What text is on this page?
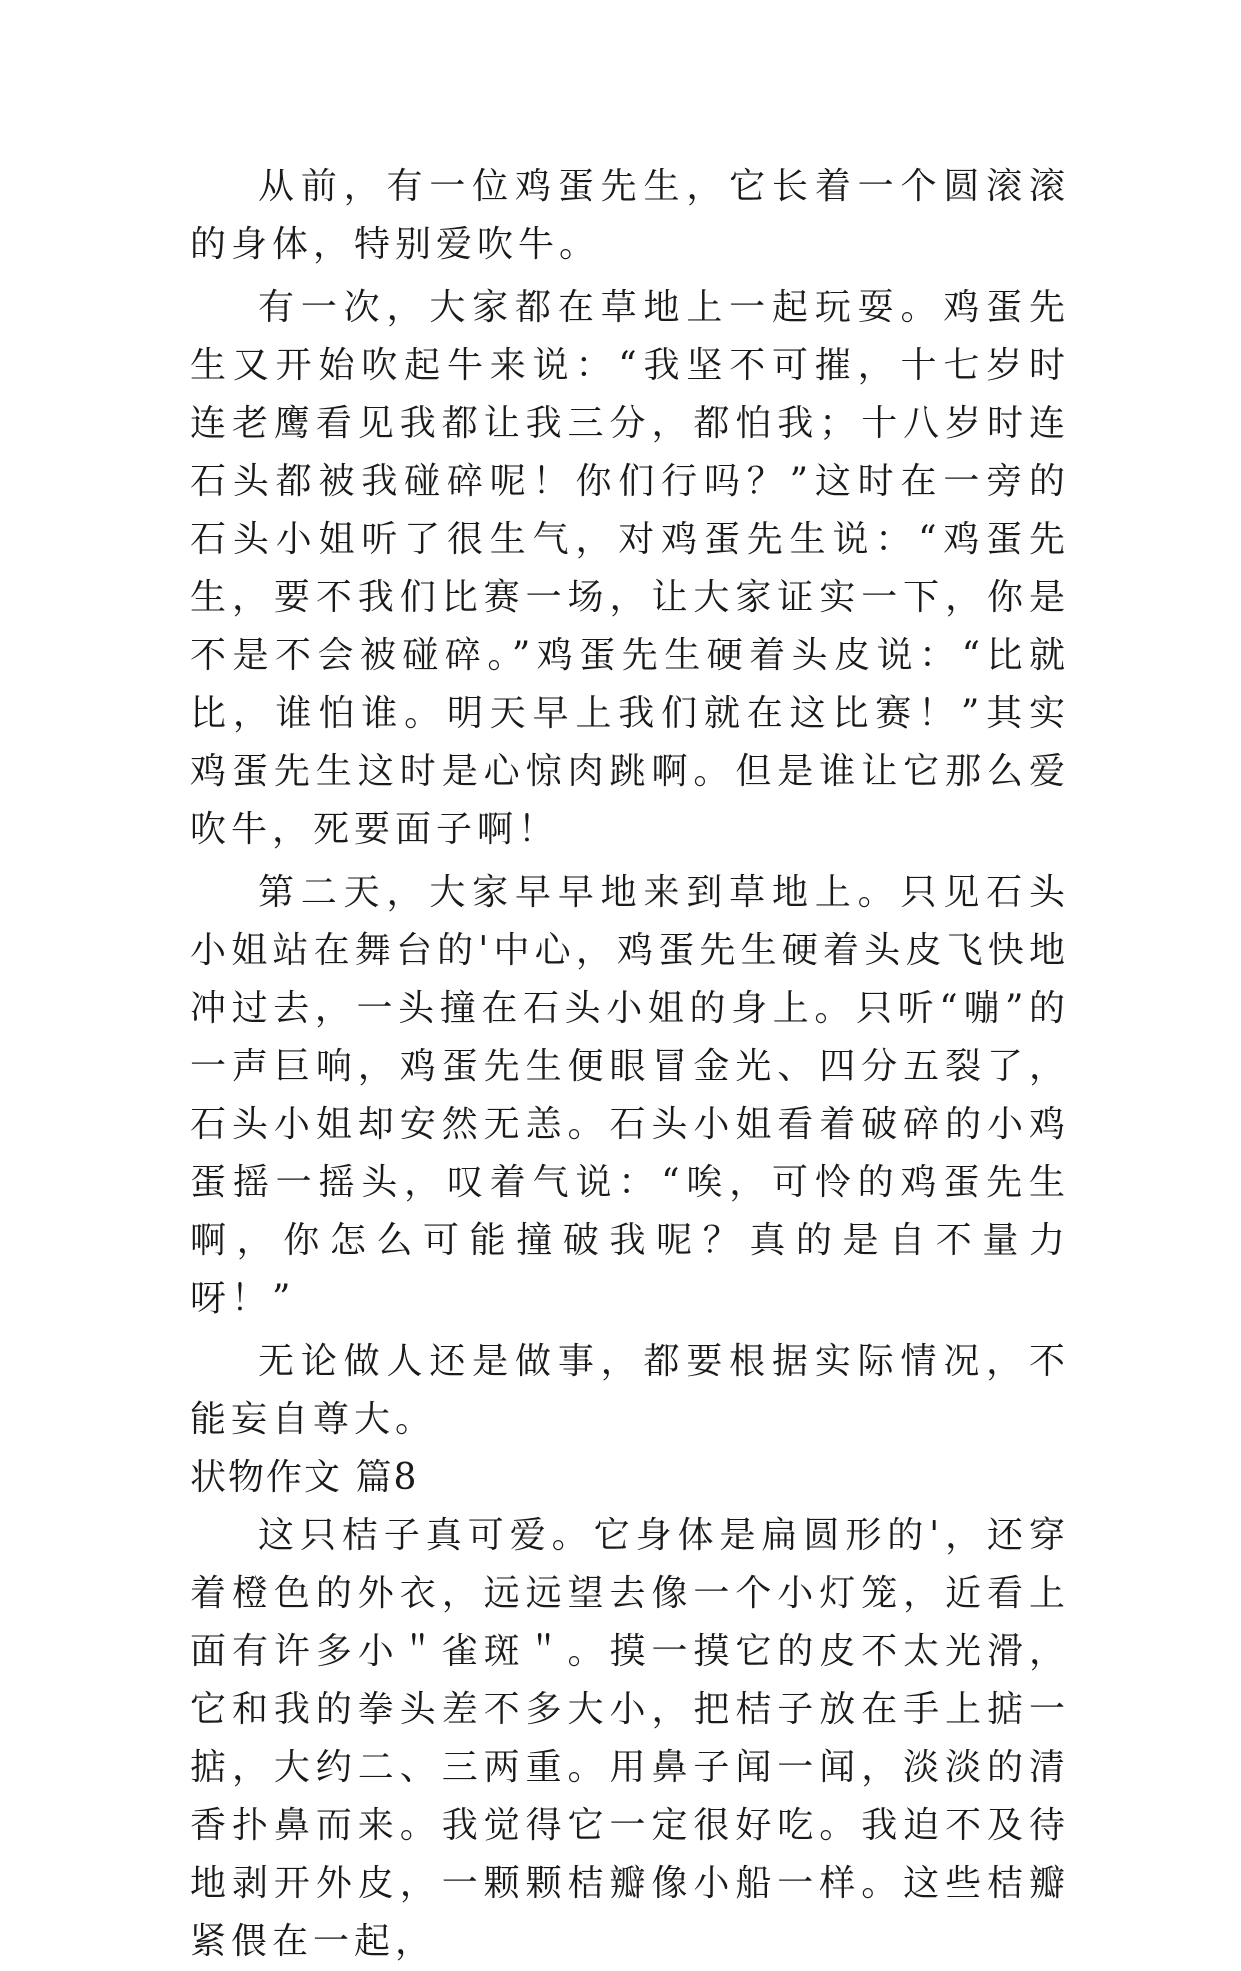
从前，有一位鸡蛋先生，它长着一个圆滚滚的身体，特别爱吹牛。

有一次，大家都在草地上一起玩耍。鸡蛋先生又开始吹起牛来说：“我坚不可摧，十七岁时连老鹰看见我都让我三分，都怕我；十八岁时连石头都被我碰碎呢！你们行吗？”这时在一旁的石头小姐听了很生气，对鸡蛋先生说：“鸡蛋先生，要不我们比赛一场，让大家证实一下，你是不是不会被碰碎。”鸡蛋先生硬着头皮说：“比就比，谁怕谁。明天早上我们就在这比赛！”其实鸡蛋先生这时是心惊肉跳啊。但是谁让它那么爱吹牛，死要面子啊！

第二天，大家早早地来到草地上。只见石头小姐站在舞台的'中心，鸡蛋先生硬着头皮飞快地冲过去，一头撞在石头小姐的身上。只听“嘣”的一声巨响，鸡蛋先生便眼冒金光、四分五裂了，石头小姐却安然无恙。石头小姐看着破碎的小鸡蛋摇一摇头，叹着气说：“唉，可怜的鸡蛋先生啊，你怎么可能撞破我呢？真的是自不量力呀！”

无论做人还是做事，都要根据实际情况，不能妄自尊大。

状物作文 篇8

这只桔子真可爱。它身体是扁圆形的'，还穿着橙色的外衣，远远望去像一个小灯笼，近看上面有许多小＂雀斑＂。摸一摸它的皮不太光滑，它和我的拳头差不多大小，把桔子放在手上掂一掂，大约二、三两重。用鼻子闻一闻，淡淡的清香扑鼻而来。我觉得它一定很好吃。我迫不及待地剥开外皮，一颗颗桔瓣像小船一样。这些桔瓣紧偎在一起，
